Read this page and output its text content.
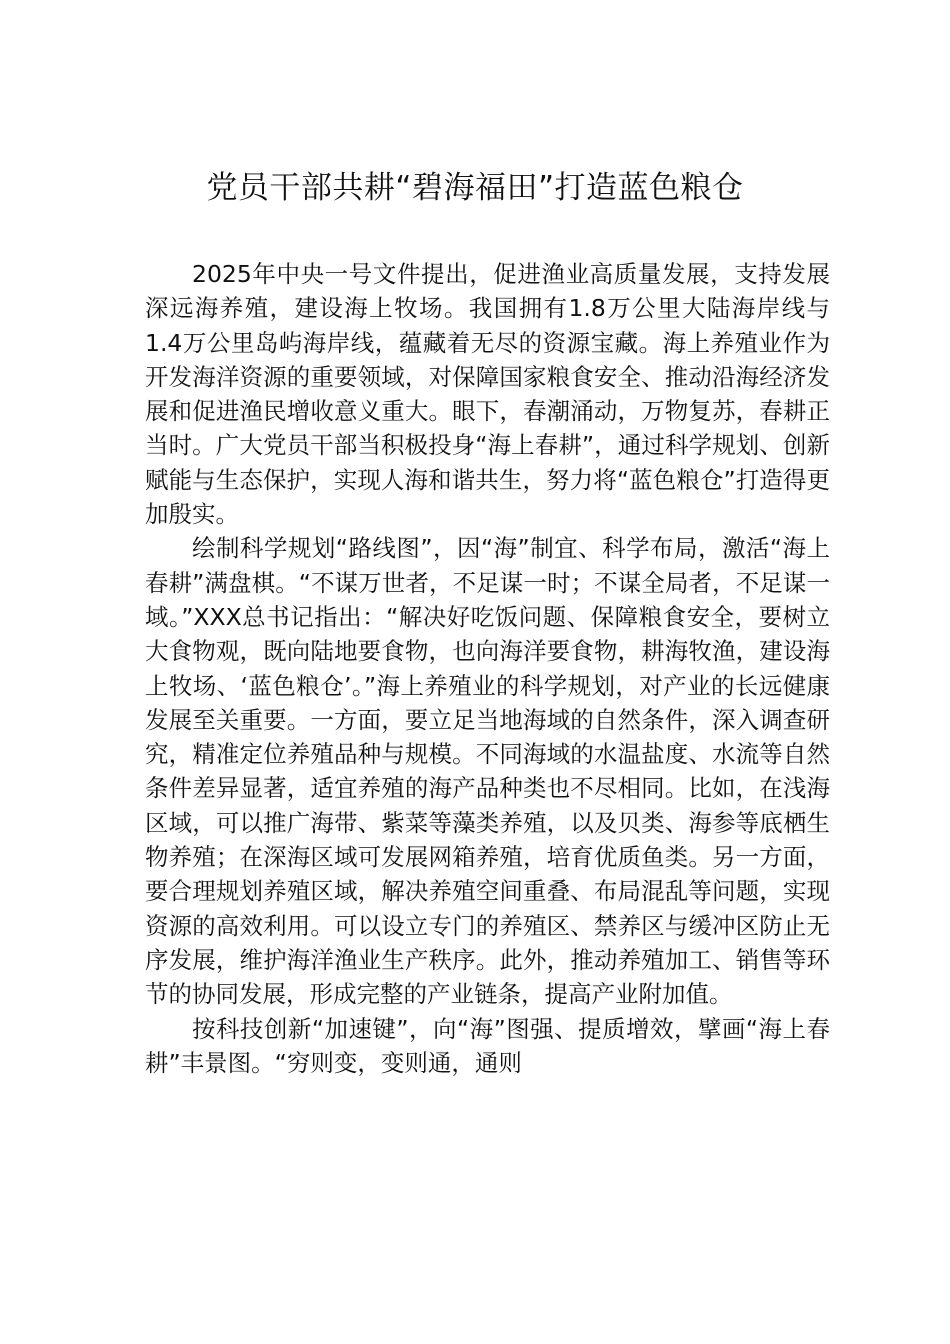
党员干部共耕“碧海福田”打造蓝色粮仓

2025年中央一号文件提出，促进渔业高质量发展，支持发展深远海养殖，建设海上牧场。我国拥有1.8万公里大陆海岸线与1.4万公里岛屿海岸线，蕴藏着无尽的资源宝藏。海上养殖业作为开发海洋资源的重要领域，对保障国家粮食安全、推动沿海经济发展和促进渔民增收意义重大。眼下，春潮涌动，万物复苏，春耕正当时。广大党员干部当积极投身“海上春耕”，通过科学规划、创新赋能与生态保护，实现人海和谐共生，努力将“蓝色粮仓”打造得更加殷实。

绘制科学规划“路线图”，因“海”制宜、科学布局，激活“海上春耕”满盘棋。“不谋万世者，不足谋一时；不谋全局者，不足谋一域。”XXX总书记指出：“解决好吃饭问题、保障粮食安全，要树立大食物观，既向陆地要食物，也向海洋要食物，耕海牧渔，建设海上牧场、‘蓝色粮仓’。”海上养殖业的科学规划，对产业的长远健康发展至关重要。一方面，要立足当地海域的自然条件，深入调查研究，精准定位养殖品种与规模。不同海域的水温盐度、水流等自然条件差异显著，适宜养殖的海产品种类也不尽相同。比如，在浅海区域，可以推广海带、紫菜等藻类养殖，以及贝类、海参等底栖生物养殖；在深海区域可发展网箱养殖，培育优质鱼类。另一方面，要合理规划养殖区域，解决养殖空间重叠、布局混乱等问题，实现资源的高效利用。可以设立专门的养殖区、禁养区与缓冲区防止无序发展，维护海洋渔业生产秩序。此外，推动养殖加工、销售等环节的协同发展，形成完整的产业链条，提高产业附加值。

按科技创新“加速键”，向“海”图强、提质增效，擘画“海上春耕”丰景图。“穷则变，变则通，通则
